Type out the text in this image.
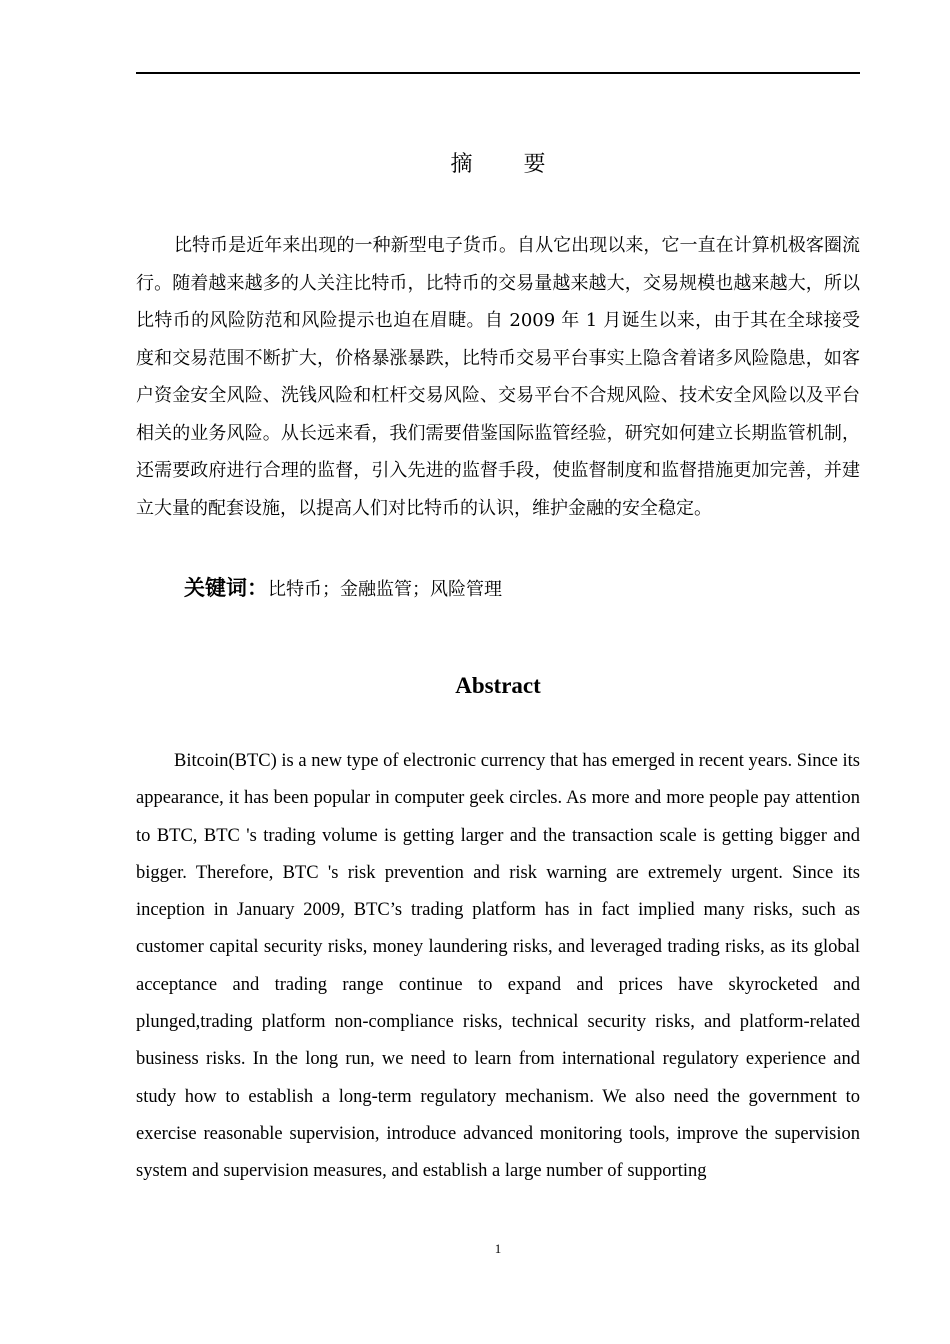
摘 要

比特币是近年来出现的一种新型电子货币。自从它出现以来，它一直在计算机极客圈流行。随着越来越多的人关注比特币，比特币的交易量越来越大，交易规模也越来越大，所以比特币的风险防范和风险提示也迫在眉睫。自 2009 年 1 月诞生以来，由于其在全球接受度和交易范围不断扩大，价格暴涨暴跌，比特币交易平台事实上隐含着诸多风险隐患，如客户资金安全风险、洗钱风险和杠杆交易风险、交易平台不合规风险、技术安全风险以及平台相关的业务风险。从长远来看，我们需要借鉴国际监管经验，研究如何建立长期监管机制，还需要政府进行合理的监督，引入先进的监督手段，使监督制度和监督措施更加完善，并建立大量的配套设施，以提高人们对比特币的认识，维护金融的安全稳定。

关键词：比特币；金融监管；风险管理
Abstract

Bitcoin(BTC) is a new type of electronic currency that has emerged in recent years. Since its appearance, it has been popular in computer geek circles. As more and more people pay attention to BTC, BTC 's trading volume is getting larger and the transaction scale is getting bigger and bigger. Therefore, BTC 's risk prevention and risk warning are extremely urgent. Since its inception in January 2009, BTC’s trading platform has in fact implied many risks, such as customer capital security risks, money laundering risks, and leveraged trading risks, as its global acceptance and trading range continue to expand and prices have skyrocketed and plunged,trading platform non-compliance risks, technical security risks, and platform-related business risks. In the long run, we need to learn from international regulatory experience and study how to establish a long-term regulatory mechanism. We also need the government to exercise reasonable supervision, introduce advanced monitoring tools, improve the supervision system and supervision measures, and establish a large number of supporting

1
